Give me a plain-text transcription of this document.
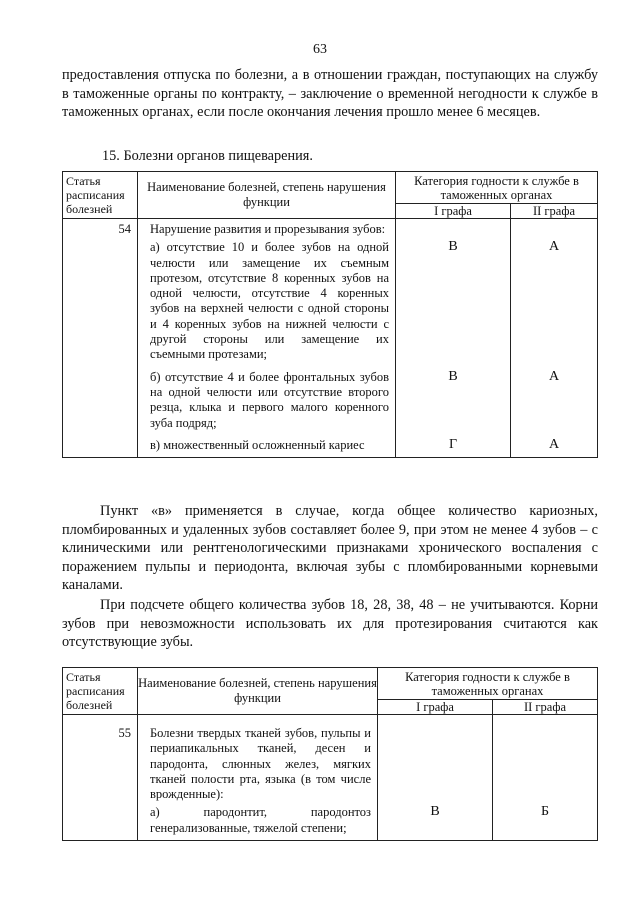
63
предоставления отпуска по болезни, а в отношении граждан, поступающих на службу в таможенные органы по контракту, – заключение о временной негодности к службе в таможенных органах, если после окончания лечения прошло менее 6 месяцев.
15. Болезни органов пищеварения.
Статья расписания болезней	Наименование болезней, степень нарушения функции	Категория годности к службе в таможенных органах	
		I графа	II графа
54	Нарушение развития и прорезывания зубов:		
	а) отсутствие 10 и более зубов на одной челюсти или замещение их съемным протезом, отсутствие 8 коренных зубов на одной челюсти, отсутствие 4 коренных зубов на верхней челюсти с одной стороны и 4 коренных зубов на нижней челюсти с другой стороны или замещение их съемными протезами;	В	А
	б) отсутствие 4 и более фронтальных зубов на одной челюсти или отсутствие второго резца, клыка и первого малого коренного зуба подряд;	В	А
	в) множественный осложненный кариес	Г	А
Пункт «в» применяется в случае, когда общее количество кариозных, пломбированных и удаленных зубов составляет более 9, при этом не менее 4 зубов – с клиническими или рентгенологическими признаками хронического воспаления с поражением пульпы и периодонта, включая зубы с пломбированными корневыми каналами.
При подсчете общего количества зубов 18, 28, 38, 48 – не учитываются. Корни зубов при невозможности использовать их для протезирования считаются как отсутствующие зубы.
Статья расписания болезней	Наименование болезней, степень нарушения функции	Категория годности к службе в таможенных органах	
		I графа	II графа

55	Болезни твердых тканей зубов, пульпы и периапикальных тканей, десен и пародонта, слюнных желез, мягких тканей полости рта, языка (в том числе врожденные):		
	а) пародонтит, пародонтоз генерализованные, тяжелой степени;	В	Б
